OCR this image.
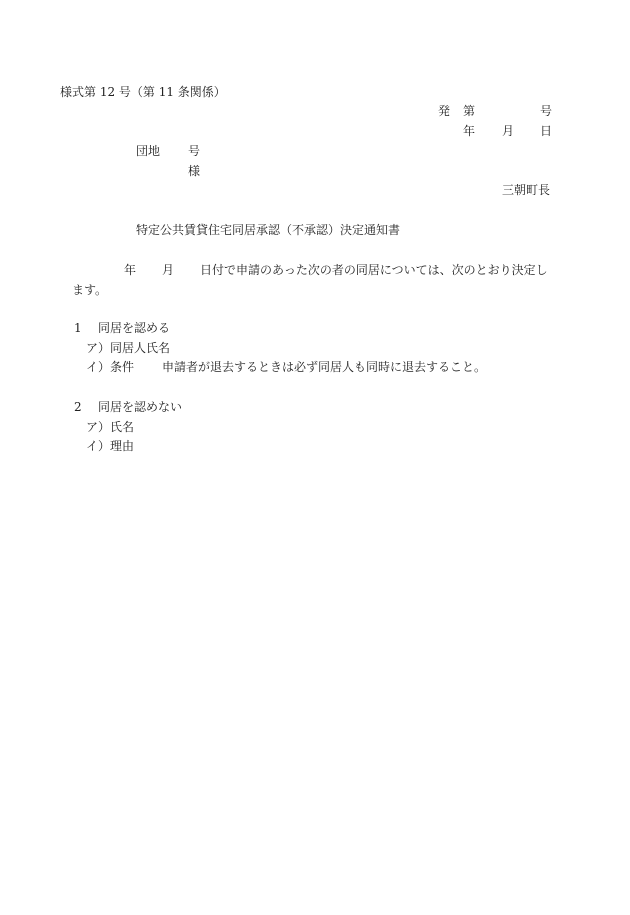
様式第 12 号（第 11 条関係）
発 第	号
年 月 日
団地 号
様
三朝町長
特定公共賃貸住宅同居承認（不承認）決定通知書
年 月 日付で申請のあった次の者の同居については、次のとおり決定し
ます。
1 同居を認める
ア）同居人氏名
イ）条件 申請者が退去するときは必ず同居人も同時に退去すること。
2 同居を認めない
ア）氏名
イ）理由
